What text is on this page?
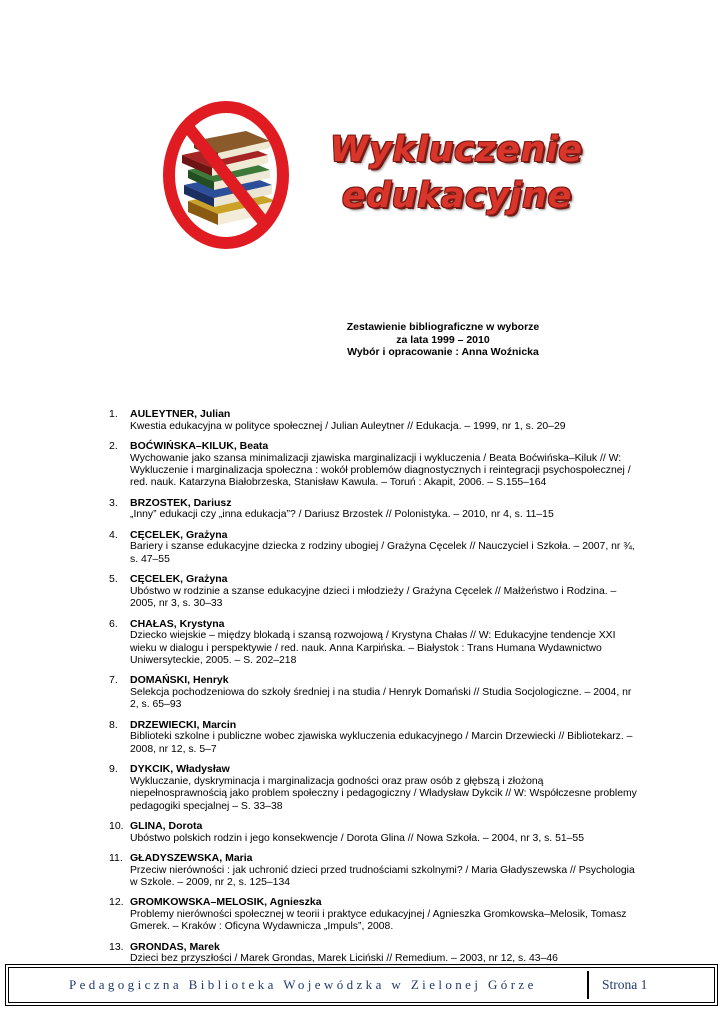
Wykluczenie
edukacyjne
Zestawienie bibliograficzne w wyborze
za lata 1999 – 2010
Wybór i opracowanie : Anna Woźnicka
1. AULEYTNER, Julian
Kwestia edukacyjna w polityce społecznej / Julian Auleytner // Edukacja. – 1999, nr 1, s. 20–29
2. BOĆWIŃSKA–KILUK, Beata
Wychowanie jako szansa minimalizacji zjawiska marginalizacji i wykluczenia / Beata Boćwińska–Kiluk // W: Wykluczenie i marginalizacja społeczna : wokół problemów diagnostycznych i reintegracji psychospołecznej / red. nauk. Katarzyna Białobrzeska, Stanisław Kawula. – Toruń : Akapit, 2006. – S.155–164
3. BRZOSTEK, Dariusz
„Inny” edukacji czy „inna edukacja”? / Dariusz Brzostek // Polonistyka. – 2010, nr 4, s. 11–15
4. CĘCELEK, Grażyna
Bariery i szanse edukacyjne dziecka z rodziny ubogiej / Grażyna Cęcelek // Nauczyciel i Szkoła. – 2007, nr ¾, s. 47–55
5. CĘCELEK, Grażyna
Ubóstwo w rodzinie a szanse edukacyjne dzieci i młodzieży / Grażyna Cęcelek // Małżeństwo i Rodzina. – 2005, nr 3, s. 30–33
6. CHAŁAS, Krystyna
Dziecko wiejskie – między blokadą i szansą rozwojową / Krystyna Chałas // W: Edukacyjne tendencje XXI wieku w dialogu i perspektywie / red. nauk. Anna Karpińska. – Białystok : Trans Humana Wydawnictwo Uniwersyteckie, 2005. – S. 202–218
7. DOMAŃSKI, Henryk
Selekcja pochodzeniowa do szkoły średniej i na studia / Henryk Domański // Studia Socjologiczne. – 2004, nr 2, s. 65–93
8. DRZEWIECKI, Marcin
Biblioteki szkolne i publiczne wobec zjawiska wykluczenia edukacyjnego / Marcin Drzewiecki // Bibliotekarz. – 2008, nr 12, s. 5–7
9. DYKCIK, Władysław
Wykluczanie, dyskryminacja i marginalizacja godności oraz praw osób z głębszą i złożoną niepełnosprawnością jako problem społeczny i pedagogiczny / Władysław Dykcik // W: Współczesne problemy pedagogiki specjalnej – S. 33–38
10. GLINA, Dorota
Ubóstwo polskich rodzin i jego konsekwencje / Dorota Glina // Nowa Szkoła. – 2004, nr 3, s. 51–55
11. GŁADYSZEWSKA, Maria
Przeciw nierówności : jak uchronić dzieci przed trudnościami szkolnymi? / Maria Gładyszewska // Psychologia w Szkole. – 2009, nr 2, s. 125–134
12. GROMKOWSKA–MELOSIK, Agnieszka
Problemy nierówności społecznej w teorii i praktyce edukacyjnej / Agnieszka Gromkowska–Melosik, Tomasz Gmerek. – Kraków : Oficyna Wydawnicza „Impuls”, 2008.
13. GRONDAS, Marek
Dzieci bez przyszłości / Marek Grondas, Marek Liciński // Remedium. – 2003, nr 12, s. 43–46
Pedagogiczna Biblioteka Wojewódzka w Zielonej Górze	Strona 1
